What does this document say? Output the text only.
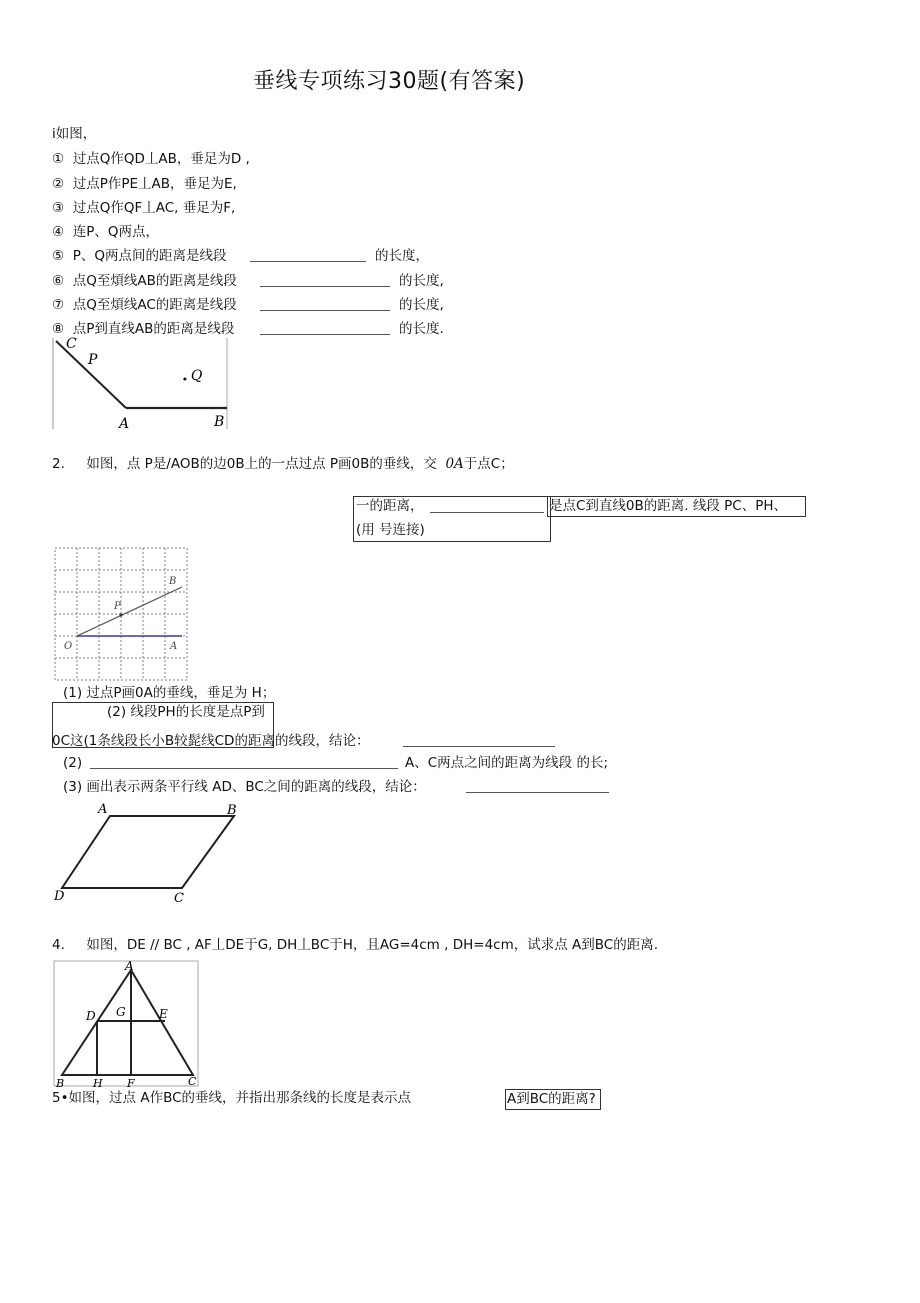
垂线专项练习30题(有答案)
i如图，
① 过点Q作QD丄AB，垂足为D ,
② 过点P作PE丄AB，垂足为E,
③ 过点Q作QF丄AC, 垂足为F,
④ 连P、Q两点，
⑤ P、Q两点间的距离是线段	的长度，
⑥ 点Q至煩线AB的距离是线段	的长度,
⑦ 点Q至煩线AC的距离是线段	的长度,
⑧ 点P到直线AB的距离是线段	的长度.
C
P
. Q
A	B
2. 如图，点 P是/AOB的边0B上的一点过点 P画0B的垂线，交 0A于点C；
一的距离，	是点C到直线0B的距离. 线段 PC、PH、
(用 号连接)
B
P
O	A
(1) 过点P画0A的垂线，垂足为 H；
(2) 线段PH的长度是点P到
0C这(1条线段长小B较髭线CD的距离的线段，结论：
(2)	A、C两点之间的距离为线段 的长;
(3) 画出表示两条平行线 AD、BC之间的距离的线段，结论：
A	B
D	C
4. 如图，DE // BC , AF丄DE于G, DH丄BC于H，且AG=4cm , DH=4cm，试求点 A到BC的距离.
A
D G	E
B	H F	C
5•如图，过点 A作BC的垂线，并指出那条线的长度是表示点	A到BC的距离?
